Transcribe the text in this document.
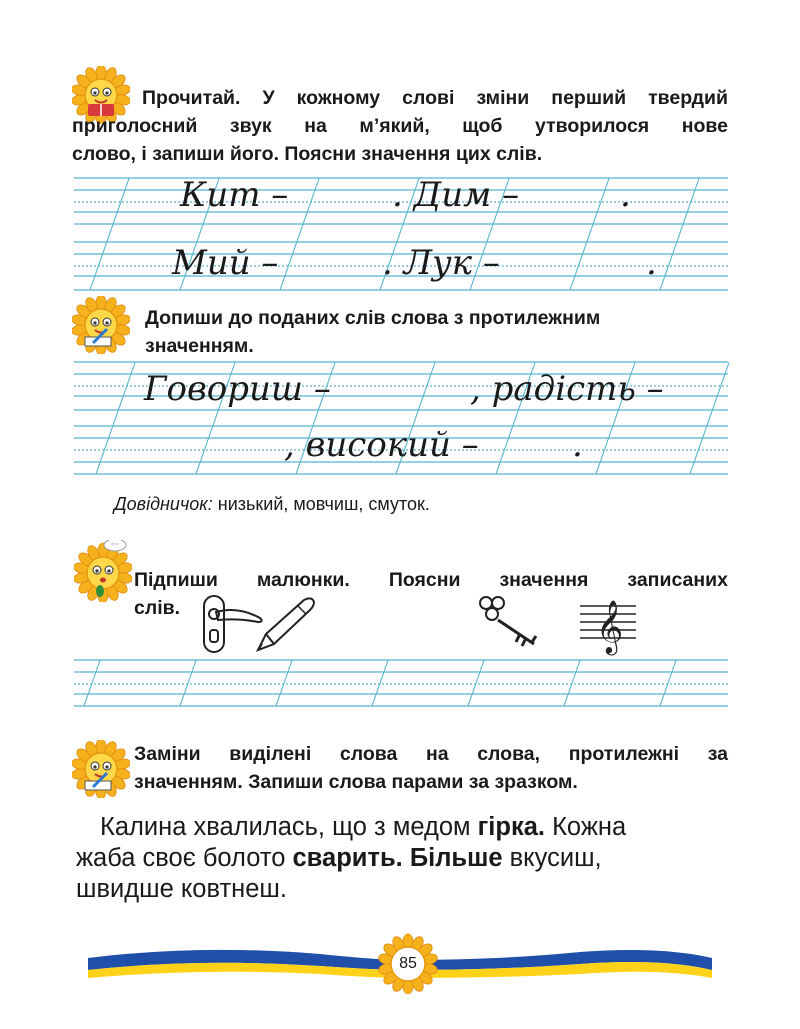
Прочитай. У кожному слові зміни перший твердий

приголосний звук на м’який, щоб утворилося нове

слово, і запиши його. Поясни значення цих слів.

Кит –	. Дим –	.
Мий –	. Лук –	.

Допиши до поданих слів слова з протилежним

значенням.

Говориш –	, радість –
, високий –	.
Довідничок: низький, мовчиш, смуток.
···

Підпиши малюнки. Поясни значення записаних

слів.	𝄞

Заміни виділені слова на слова, протилежні за

значенням. Запиши слова парами за зразком.

Калина хвалилась, що з медом гірка. Кожна

жаба своє болото сварить. Більше вкусиш,

швидше ковтнеш.

85
